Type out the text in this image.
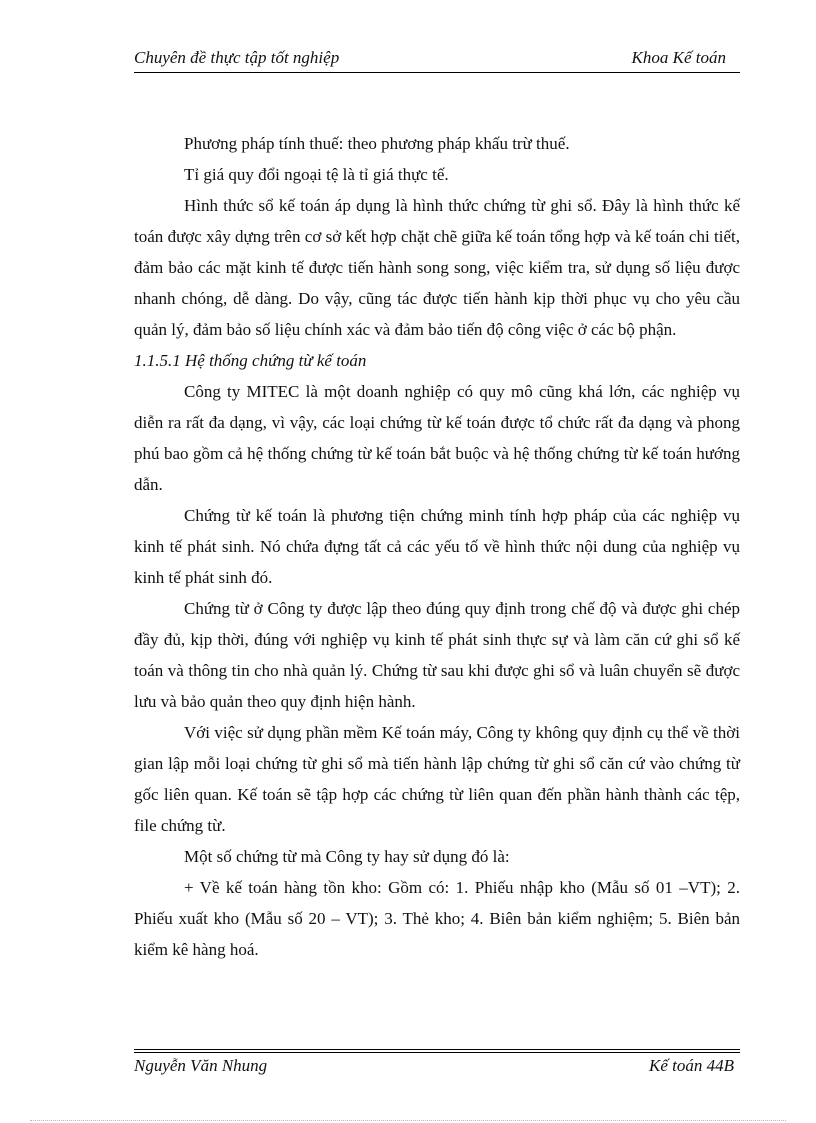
Chuyên đề thực tập tốt nghiệp	Khoa Kế toán

Phương pháp tính thuế: theo phương pháp khấu trừ thuế.

Tỉ giá quy đổi ngoại tệ là tỉ giá thực tế.

Hình thức sổ kế toán áp dụng là hình thức chứng từ ghi sổ. Đây là hình thức kế toán được xây dựng trên cơ sở kết hợp chặt chẽ giữa kế toán tổng hợp và kế toán chi tiết, đảm bảo các mặt kinh tế được tiến hành song song, việc kiểm tra, sử dụng số liệu được nhanh chóng, dễ dàng. Do vậy, cũng tác được tiến hành kịp thời phục vụ cho yêu cầu quản lý, đảm bảo số liệu chính xác và đảm bảo tiến độ công việc ở các bộ phận.

1.1.5.1 Hệ thống chứng từ kế toán

Công ty MITEC là một doanh nghiệp có quy mô cũng khá lớn, các nghiệp vụ diễn ra rất đa dạng, vì vậy, các loại chứng từ kế toán được tổ chức rất đa dạng và phong phú bao gồm cả hệ thống chứng từ kế toán bắt buộc và hệ thống chứng từ kế toán hướng dẫn.

Chứng từ kế toán là phương tiện chứng minh tính hợp pháp của các nghiệp vụ kinh tế phát sinh. Nó chứa đựng tất cả các yếu tố về hình thức nội dung của nghiệp vụ kinh tế phát sinh đó.

Chứng từ ở Công ty được lập theo đúng quy định trong chế độ và được ghi chép đầy đủ, kịp thời, đúng với nghiệp vụ kinh tế phát sinh thực sự và làm căn cứ ghi sổ kế toán và thông tin cho nhà quản lý. Chứng từ sau khi được ghi sổ và luân chuyển sẽ được lưu và bảo quản theo quy định hiện hành.

Với việc sử dụng phần mềm Kế toán máy, Công ty không quy định cụ thể về thời gian lập mỗi loại chứng từ ghi sổ mà tiến hành lập chứng từ ghi sổ căn cứ vào chứng từ gốc liên quan. Kế toán sẽ tập hợp các chứng từ liên quan đến phần hành thành các tệp, file chứng từ.

Một số chứng từ mà Công ty hay sử dụng đó là:

+ Về kế toán hàng tồn kho: Gồm có: 1. Phiếu nhập kho (Mẫu số 01 –VT); 2. Phiếu xuất kho (Mẫu số 20 – VT); 3. Thẻ kho; 4. Biên bản kiểm nghiệm; 5. Biên bản kiểm kê hàng hoá.

Nguyễn Văn Nhung	Kế toán 44B
